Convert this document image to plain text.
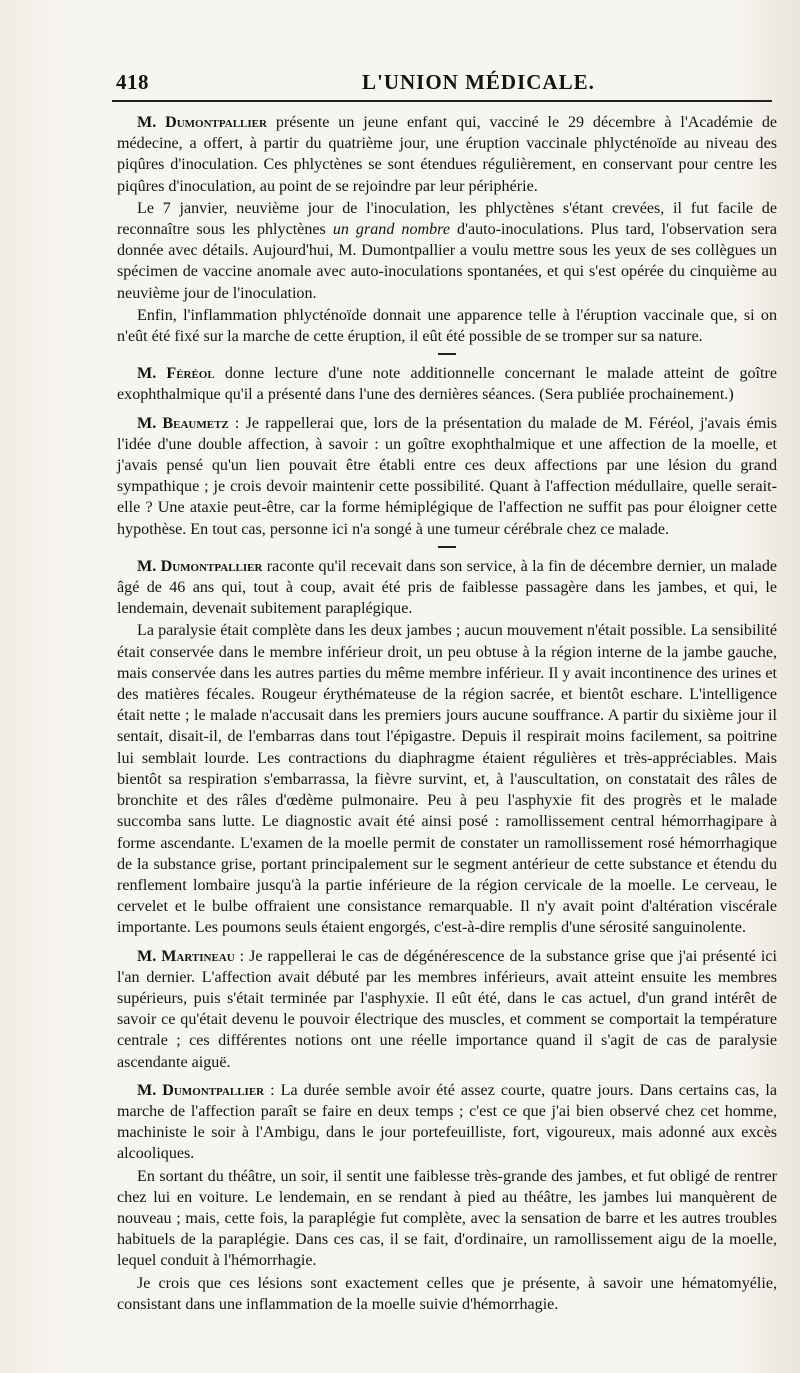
418	L'UNION MÉDICALE.

M. Dumontpallier présente un jeune enfant qui, vacciné le 29 décembre à l'Académie de médecine, a offert, à partir du quatrième jour, une éruption vaccinale phlycténoïde au niveau des piqûres d'inoculation. Ces phlyctènes se sont étendues régulièrement, en conservant pour centre les piqûres d'inoculation, au point de se rejoindre par leur périphérie.

Le 7 janvier, neuvième jour de l'inoculation, les phlyctènes s'étant crevées, il fut facile de reconnaître sous les phlyctènes un grand nombre d'auto-inoculations. Plus tard, l'observation sera donnée avec détails. Aujourd'hui, M. Dumontpallier a voulu mettre sous les yeux de ses collègues un spécimen de vaccine anomale avec auto-inoculations spontanées, et qui s'est opérée du cinquième au neuvième jour de l'inoculation.

Enfin, l'inflammation phlycténoïde donnait une apparence telle à l'éruption vaccinale que, si on n'eût été fixé sur la marche de cette éruption, il eût été possible de se tromper sur sa nature.

M. Féréol donne lecture d'une note additionnelle concernant le malade atteint de goître exophthalmique qu'il a présenté dans l'une des dernières séances. (Sera publiée prochainement.)

M. Beaumetz : Je rappellerai que, lors de la présentation du malade de M. Féréol, j'avais émis l'idée d'une double affection, à savoir : un goître exophthalmique et une affection de la moelle, et j'avais pensé qu'un lien pouvait être établi entre ces deux affections par une lésion du grand sympathique ; je crois devoir maintenir cette possibilité. Quant à l'affection médullaire, quelle serait-elle ? Une ataxie peut-être, car la forme hémiplégique de l'affection ne suffit pas pour éloigner cette hypothèse. En tout cas, personne ici n'a songé à une tumeur cérébrale chez ce malade.

M. Dumontpallier raconte qu'il recevait dans son service, à la fin de décembre dernier, un malade âgé de 46 ans qui, tout à coup, avait été pris de faiblesse passagère dans les jambes, et qui, le lendemain, devenait subitement paraplégique.

La paralysie était complète dans les deux jambes ; aucun mouvement n'était possible. La sensibilité était conservée dans le membre inférieur droit, un peu obtuse à la région interne de la jambe gauche, mais conservée dans les autres parties du même membre inférieur. Il y avait incontinence des urines et des matières fécales. Rougeur érythémateuse de la région sacrée, et bientôt eschare. L'intelligence était nette ; le malade n'accusait dans les premiers jours aucune souffrance. A partir du sixième jour il sentait, disait-il, de l'embarras dans tout l'épigastre. Depuis il respirait moins facilement, sa poitrine lui semblait lourde. Les contractions du diaphragme étaient régulières et très-appréciables. Mais bientôt sa respiration s'embarrassa, la fièvre survint, et, à l'auscultation, on constatait des râles de bronchite et des râles d'œdème pulmonaire. Peu à peu l'asphyxie fit des progrès et le malade succomba sans lutte. Le diagnostic avait été ainsi posé : ramollissement central hémorrhagipare à forme ascendante. L'examen de la moelle permit de constater un ramollissement rosé hémorrhagique de la substance grise, portant principalement sur le segment antérieur de cette substance et étendu du renflement lombaire jusqu'à la partie inférieure de la région cervicale de la moelle. Le cerveau, le cervelet et le bulbe offraient une consistance remarquable. Il n'y avait point d'altération viscérale importante. Les poumons seuls étaient engorgés, c'est-à-dire remplis d'une sérosité sanguinolente.

M. Martineau : Je rappellerai le cas de dégénérescence de la substance grise que j'ai présenté ici l'an dernier. L'affection avait débuté par les membres inférieurs, avait atteint ensuite les membres supérieurs, puis s'était terminée par l'asphyxie. Il eût été, dans le cas actuel, d'un grand intérêt de savoir ce qu'était devenu le pouvoir électrique des muscles, et comment se comportait la température centrale ; ces différentes notions ont une réelle importance quand il s'agit de cas de paralysie ascendante aiguë.

M. Dumontpallier : La durée semble avoir été assez courte, quatre jours. Dans certains cas, la marche de l'affection paraît se faire en deux temps ; c'est ce que j'ai bien observé chez cet homme, machiniste le soir à l'Ambigu, dans le jour portefeuilliste, fort, vigoureux, mais adonné aux excès alcooliques.

En sortant du théâtre, un soir, il sentit une faiblesse très-grande des jambes, et fut obligé de rentrer chez lui en voiture. Le lendemain, en se rendant à pied au théâtre, les jambes lui manquèrent de nouveau ; mais, cette fois, la paraplégie fut complète, avec la sensation de barre et les autres troubles habituels de la paraplégie. Dans ces cas, il se fait, d'ordinaire, un ramollissement aigu de la moelle, lequel conduit à l'hémorrhagie.

Je crois que ces lésions sont exactement celles que je présente, à savoir une hématomyélie, consistant dans une inflammation de la moelle suivie d'hémorrhagie.
